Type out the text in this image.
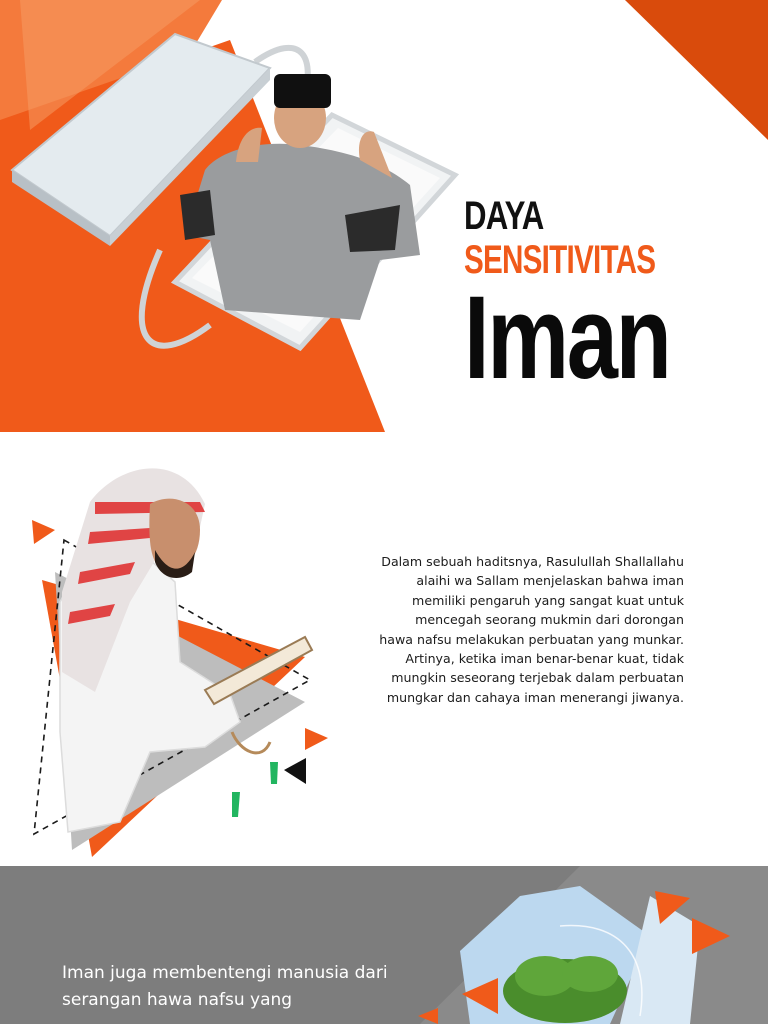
DAYA
SENSITIVITAS
Iman
Dalam sebuah haditsnya, Rasulullah Shallallahu alaihi wa Sallam menjelaskan bahwa iman memiliki pengaruh yang sangat kuat untuk mencegah seorang mukmin dari dorongan hawa nafsu melakukan perbuatan yang munkar. Artinya, ketika iman benar-benar kuat, tidak mungkin seseorang terjebak dalam perbuatan mungkar dan cahaya iman menerangi jiwanya.
Iman juga membentengi manusia dari serangan hawa nafsu yang
